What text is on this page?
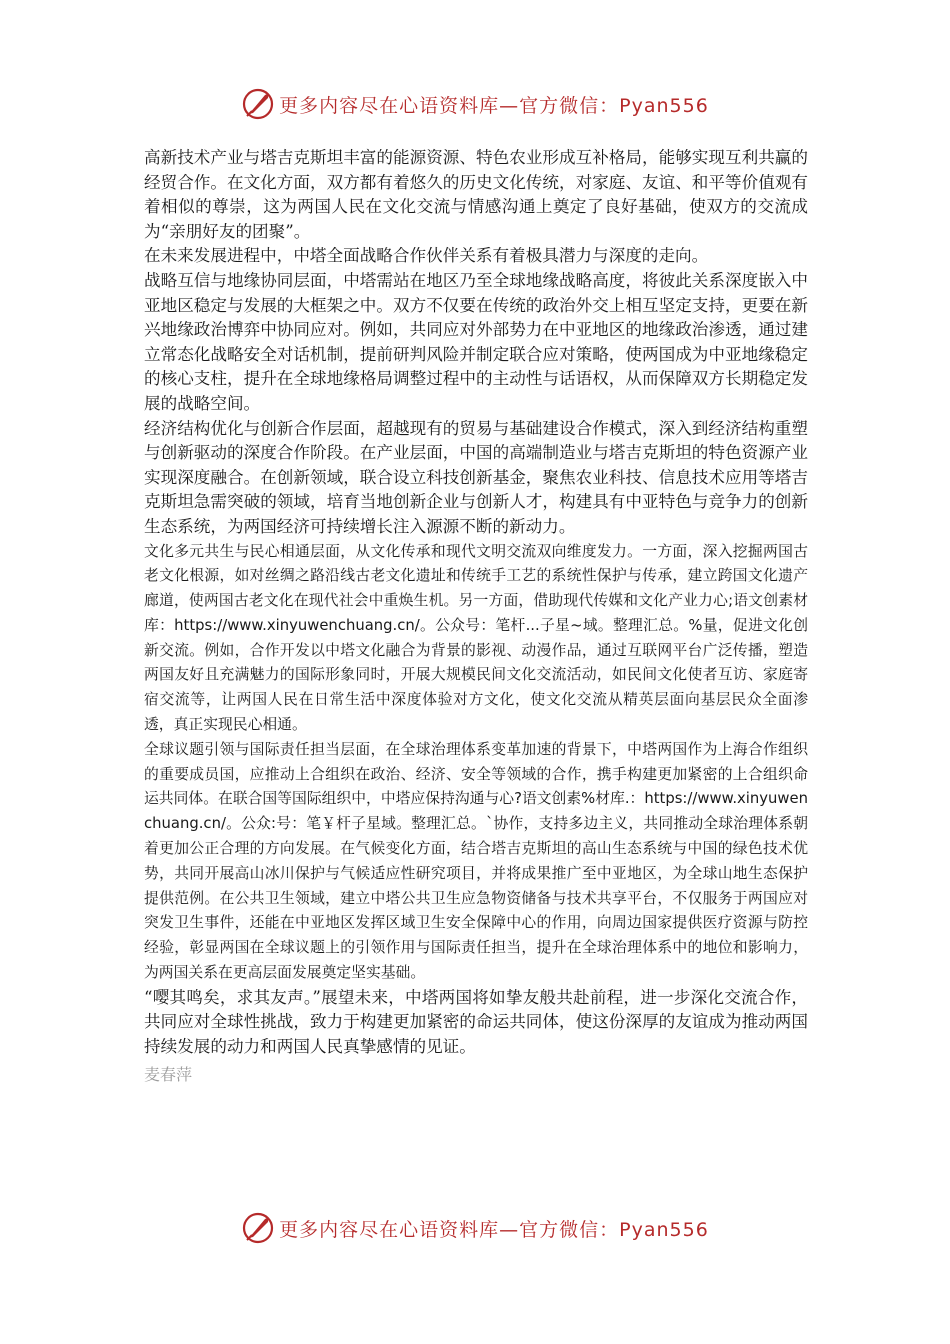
更多内容尽在心语资料库—官方微信：Pyan556

高新技术产业与塔吉克斯坦丰富的能源资源、特色农业形成互补格局，能够实现互利共赢的经贸合作。在文化方面，双方都有着悠久的历史文化传统，对家庭、友谊、和平等价值观有着相似的尊崇，这为两国人民在文化交流与情感沟通上奠定了良好基础，使双方的交流成为“亲朋好友的团聚”。

在未来发展进程中，中塔全面战略合作伙伴关系有着极具潜力与深度的走向。

战略互信与地缘协同层面，中塔需站在地区乃至全球地缘战略高度，将彼此关系深度嵌入中亚地区稳定与发展的大框架之中。双方不仅要在传统的政治外交上相互坚定支持，更要在新兴地缘政治博弈中协同应对。例如，共同应对外部势力在中亚地区的地缘政治渗透，通过建立常态化战略安全对话机制，提前研判风险并制定联合应对策略，使两国成为中亚地缘稳定的核心支柱，提升在全球地缘格局调整过程中的主动性与话语权，从而保障双方长期稳定发展的战略空间。

经济结构优化与创新合作层面，超越现有的贸易与基础建设合作模式，深入到经济结构重塑与创新驱动的深度合作阶段。在产业层面，中国的高端制造业与塔吉克斯坦的特色资源产业实现深度融合。在创新领域，联合设立科技创新基金，聚焦农业科技、信息技术应用等塔吉克斯坦急需突破的领域，培育当地创新企业与创新人才，构建具有中亚特色与竞争力的创新生态系统，为两国经济可持续增长注入源源不断的新动力。

文化多元共生与民心相通层面，从文化传承和现代文明交流双向维度发力。一方面，深入挖掘两国古老文化根源，如对丝绸之路沿线古老文化遗址和传统手工艺的系统性保护与传承，建立跨国文化遗产廊道，使两国古老文化在现代社会中重焕生机。另一方面，借助现代传媒和文化产业力心;语文创素材库：https://www.xinyuwenchuang.cn/。公众号：笔杆...子星~域。整理汇总。%量，促进文化创新交流。例如，合作开发以中塔文化融合为背景的影视、动漫作品，通过互联网平台广泛传播，塑造两国友好且充满魅力的国际形象同时，开展大规模民间文化交流活动，如民间文化使者互访、家庭寄宿交流等，让两国人民在日常生活中深度体验对方文化，使文化交流从精英层面向基层民众全面渗透，真正实现民心相通。

全球议题引领与国际责任担当层面，在全球治理体系变革加速的背景下，中塔两国作为上海合作组织的重要成员国，应推动上合组织在政治、经济、安全等领域的合作，携手构建更加紧密的上合组织命运共同体。在联合国等国际组织中，中塔应保持沟通与心?语文创素%材库.：https://www.xinyuwenchuang.cn/。公众:号：笔￥杆子星域。整理汇总。`协作，支持多边主义，共同推动全球治理体系朝着更加公正合理的方向发展。在气候变化方面，结合塔吉克斯坦的高山生态系统与中国的绿色技术优势，共同开展高山冰川保护与气候适应性研究项目，并将成果推广至中亚地区，为全球山地生态保护提供范例。在公共卫生领域，建立中塔公共卫生应急物资储备与技术共享平台，不仅服务于两国应对突发卫生事件，还能在中亚地区发挥区域卫生安全保障中心的作用，向周边国家提供医疗资源与防控经验，彰显两国在全球议题上的引领作用与国际责任担当，提升在全球治理体系中的地位和影响力，为两国关系在更高层面发展奠定坚实基础。

“嘤其鸣矣，求其友声。”展望未来，中塔两国将如挚友般共赴前程，进一步深化交流合作，共同应对全球性挑战，致力于构建更加紧密的命运共同体，使这份深厚的友谊成为推动两国持续发展的动力和两国人民真挚感情的见证。

麦春萍

更多内容尽在心语资料库—官方微信：Pyan556
